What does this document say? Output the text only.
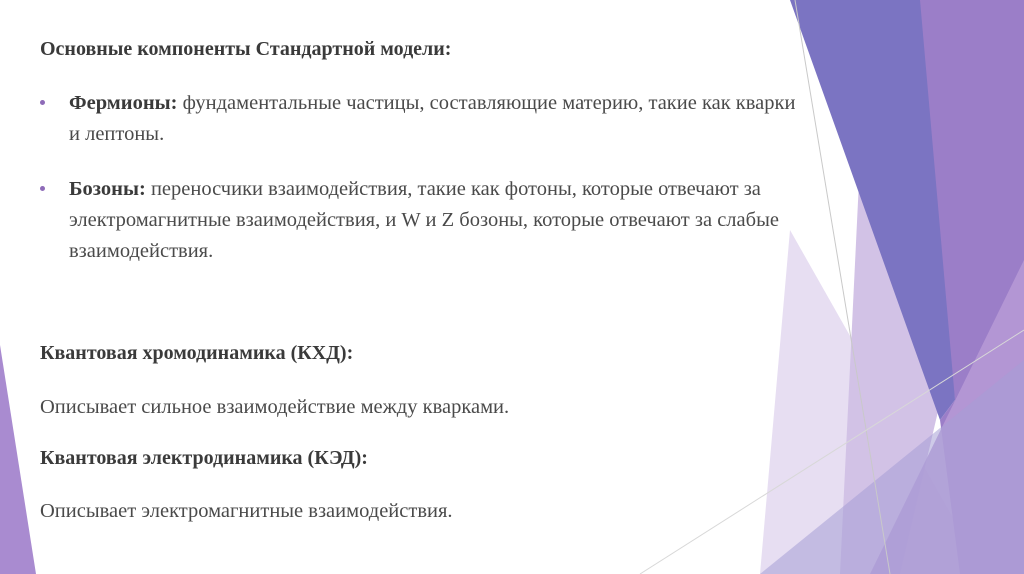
Основные компоненты Стандартной модели:
Фермионы: фундаментальные частицы, составляющие материю, такие как кварки и лептоны.
Бозоны: переносчики взаимодействия, такие как фотоны, которые отвечают за электромагнитные взаимодействия, и W и Z бозоны, которые отвечают за слабые взаимодействия.
Квантовая хромодинамика (КХД):
Описывает сильное взаимодействие между кварками.
Квантовая электродинамика (КЭД):
Описывает электромагнитные взаимодействия.
